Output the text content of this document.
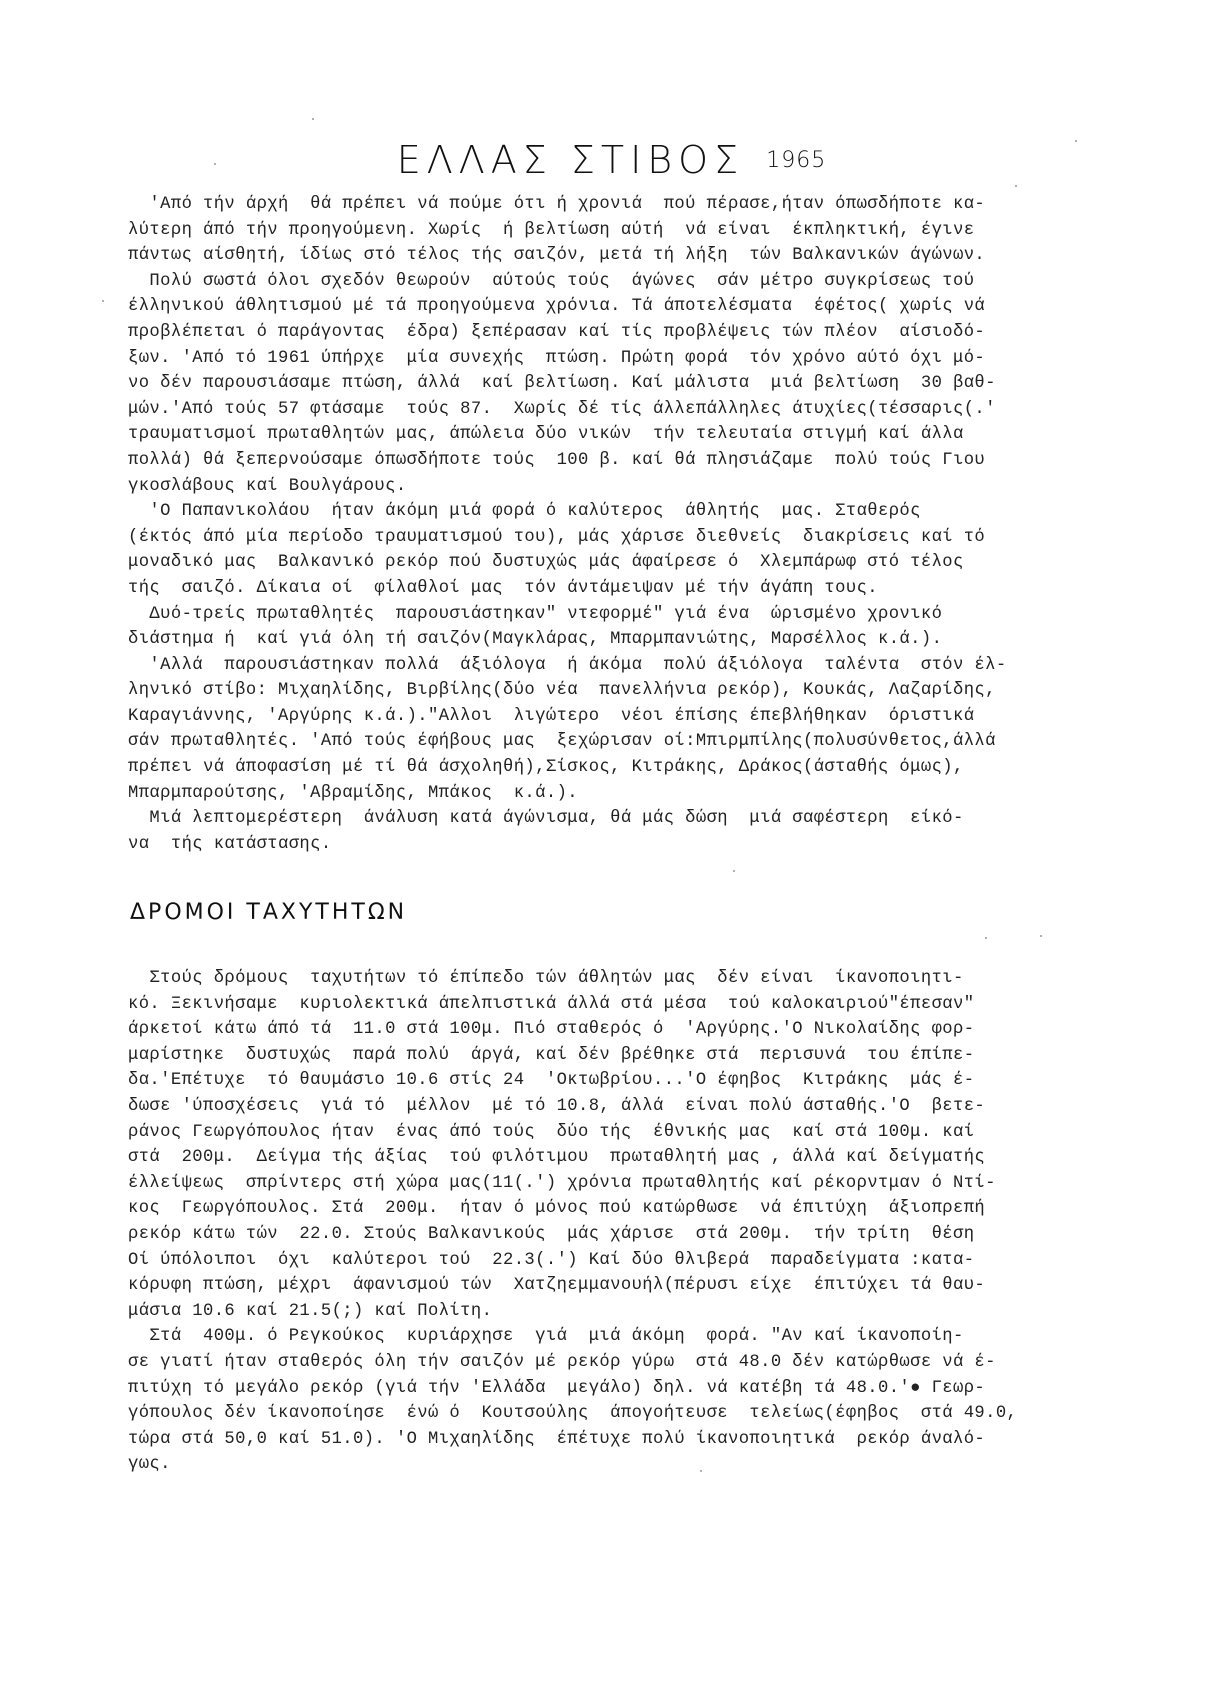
ΕΛΛΑΣ ΣΤΙΒΟΣ 1965
'Από τήν άρχή  θά πρέπει νά πούμε ότι ή χρονιά  πού πέρασε,ήταν όπωσδήποτε κα-
λύτερη άπό τήν προηγούμενη. Χωρίς  ή βελτίωση αύτή  νά είναι  έκπληκτική, έγινε
πάντως αίσθητή, ίδίως στό τέλος τής σαιζόν, μετά τή λήξη  τών Βαλκανικών άγώνων.
Πολύ σωστά όλοι σχεδόν θεωρούν  αύτούς τούς  άγώνες  σάν μέτρο συγκρίσεως τού
έλληνικού άθλητισμού μέ τά προηγούμενα χρόνια. Τά άποτελέσματα  έφέτος( χωρίς νά
προβλέπεται ό παράγοντας  έδρα) ξεπέρασαν καί τίς προβλέψεις τών πλέον  αίσιοδό-
ξων. 'Από τό 1961 ύπήρχε  μία συνεχής  πτώση. Πρώτη φορά  τόν χρόνο αύτό όχι μό-
νο δέν παρουσιάσαμε πτώση, άλλά  καί βελτίωση. Καί μάλιστα  μιά βελτίωση  30 βαθ-
μών.'Από τούς 57 φτάσαμε  τούς 87.  Χωρίς δέ τίς άλλεπάλληλες άτυχίες(τέσσαρις(.'
τραυματισμοί πρωταθλητών μας, άπώλεια δύο νικών  τήν τελευταία στιγμή καί άλλα
πολλά) θά ξεπερνούσαμε όπωσδήποτε τούς  100 β. καί θά πλησιάζαμε  πολύ τούς Γιου
γκοσλάβους καί Βουλγάρους.
'Ο Παπανικολάου  ήταν άκόμη μιά φορά ό καλύτερος  άθλητής  μας. Σταθερός
(έκτός άπό μία περίοδο τραυματισμού του), μάς χάρισε διεθνείς  διακρίσεις καί τό
μοναδικό μας  Βαλκανικό ρεκόρ πού δυστυχώς μάς άφαίρεσε ό  Χλεμπάρωφ στό τέλος
τής  σαιζό. Δίκαια οί  φίλαθλοί μας  τόν άντάμειψαν μέ τήν άγάπη τους.
Δυό-τρείς πρωταθλητές  παρουσιάστηκαν" ντεφορμέ" γιά ένα  ώρισμένο χρονικό
διάστημα ή  καί γιά όλη τή σαιζόν(Μαγκλάρας, Μπαρμπανιώτης, Μαρσέλλος κ.ά.).
'Αλλά  παρουσιάστηκαν πολλά  άξιόλογα  ή άκόμα  πολύ άξιόλογα  ταλέντα  στόν έλ-
ληνικό στίβο: Μιχαηλίδης, Βιρβίλης(δύο νέα  πανελλήνια ρεκόρ), Κουκάς, Λαζαρίδης,
Καραγιάννης, 'Αργύρης κ.ά.)."Αλλοι  λιγώτερο  νέοι έπίσης έπεβλήθηκαν  όριστικά
σάν πρωταθλητές. 'Από τούς έφήβους μας  ξεχώρισαν οί:Μπιρμπίλης(πολυσύνθετος,άλλά
πρέπει νά άποφασίση μέ τί θά άσχοληθή),Σίσκος, Κιτράκης, Δράκος(άσταθής όμως),
Μπαρμπαρούτσης, 'Αβραμίδης, Μπάκος  κ.ά.).
Μιά λεπτομερέστερη  άνάλυση κατά άγώνισμα, θά μάς δώση  μιά σαφέστερη  είκό-
να  τής κατάστασης.
ΔΡΟΜΟΙ ΤΑΧΥΤΗΤΩΝ
Στούς δρόμους  ταχυτήτων τό έπίπεδο τών άθλητών μας  δέν είναι  ίκανοποιητι-
κό. Ξεκινήσαμε  κυριολεκτικά άπελπιστικά άλλά στά μέσα  τού καλοκαιριού"έπεσαν"
άρκετοί κάτω άπό τά  11.0 στά 100μ. Πιό σταθερός ό  'Αργύρης.'Ο Νικολαίδης φορ-
μαρίστηκε  δυστυχώς  παρά πολύ  άργά, καί δέν βρέθηκε στά  περισυνά  του έπίπε-
δα.'Επέτυχε  τό θαυμάσιο 10.6 στίς 24  'Οκτωβρίου...'Ο έφηβος  Κιτράκης  μάς έ-
δωσε 'ύποσχέσεις  γιά τό  μέλλον  μέ τό 10.8, άλλά  είναι πολύ άσταθής.'Ο  βετε-
ράνος Γεωργόπουλος ήταν  ένας άπό τούς  δύο τής  έθνικής μας  καί στά 100μ. καί
στά  200μ.  Δείγμα τής άξίας  τού φιλότιμου  πρωταθλητή μας , άλλά καί δείγματής
έλλείψεως  σπρίντερς στή χώρα μας(11(.') χρόνια πρωταθλητής καί ρέκορντμαν ό Ντί-
κος  Γεωργόπουλος. Στά  200μ.  ήταν ό μόνος πού κατώρθωσε  νά έπιτύχη  άξιοπρεπή
ρεκόρ κάτω τών  22.0. Στούς Βαλκανικούς  μάς χάρισε  στά 200μ.  τήν τρίτη  θέση
Οί ύπόλοιποι  όχι  καλύτεροι τού  22.3(.') Καί δύο θλιβερά  παραδείγματα :κατα-
κόρυφη πτώση, μέχρι  άφανισμού τών  Χατζηεμμανουήλ(πέρυσι είχε  έπιτύχει τά θαυ-
μάσια 10.6 καί 21.5(;) καί Πολίτη.
Στά  400μ. ό Ρεγκούκος  κυριάρχησε  γιά  μιά άκόμη  φορά. "Αν καί ίκανοποίη-
σε γιατί ήταν σταθερός όλη τήν σαιζόν μέ ρεκόρ γύρω  στά 48.0 δέν κατώρθωσε νά έ-
πιτύχη τό μεγάλο ρεκόρ (γιά τήν 'Ελλάδα  μεγάλο) δηλ. νά κατέβη τά 48.0.'● Γεωρ-
γόπουλος δέν ίκανοποίησε  ένώ ό  Κουτσούλης  άπογοήτευσε  τελείως(έφηβος  στά 49.0,
τώρα στά 50,0 καί 51.0). 'Ο Μιχαηλίδης  έπέτυχε πολύ ίκανοποιητικά  ρεκόρ άναλό-
γως.
